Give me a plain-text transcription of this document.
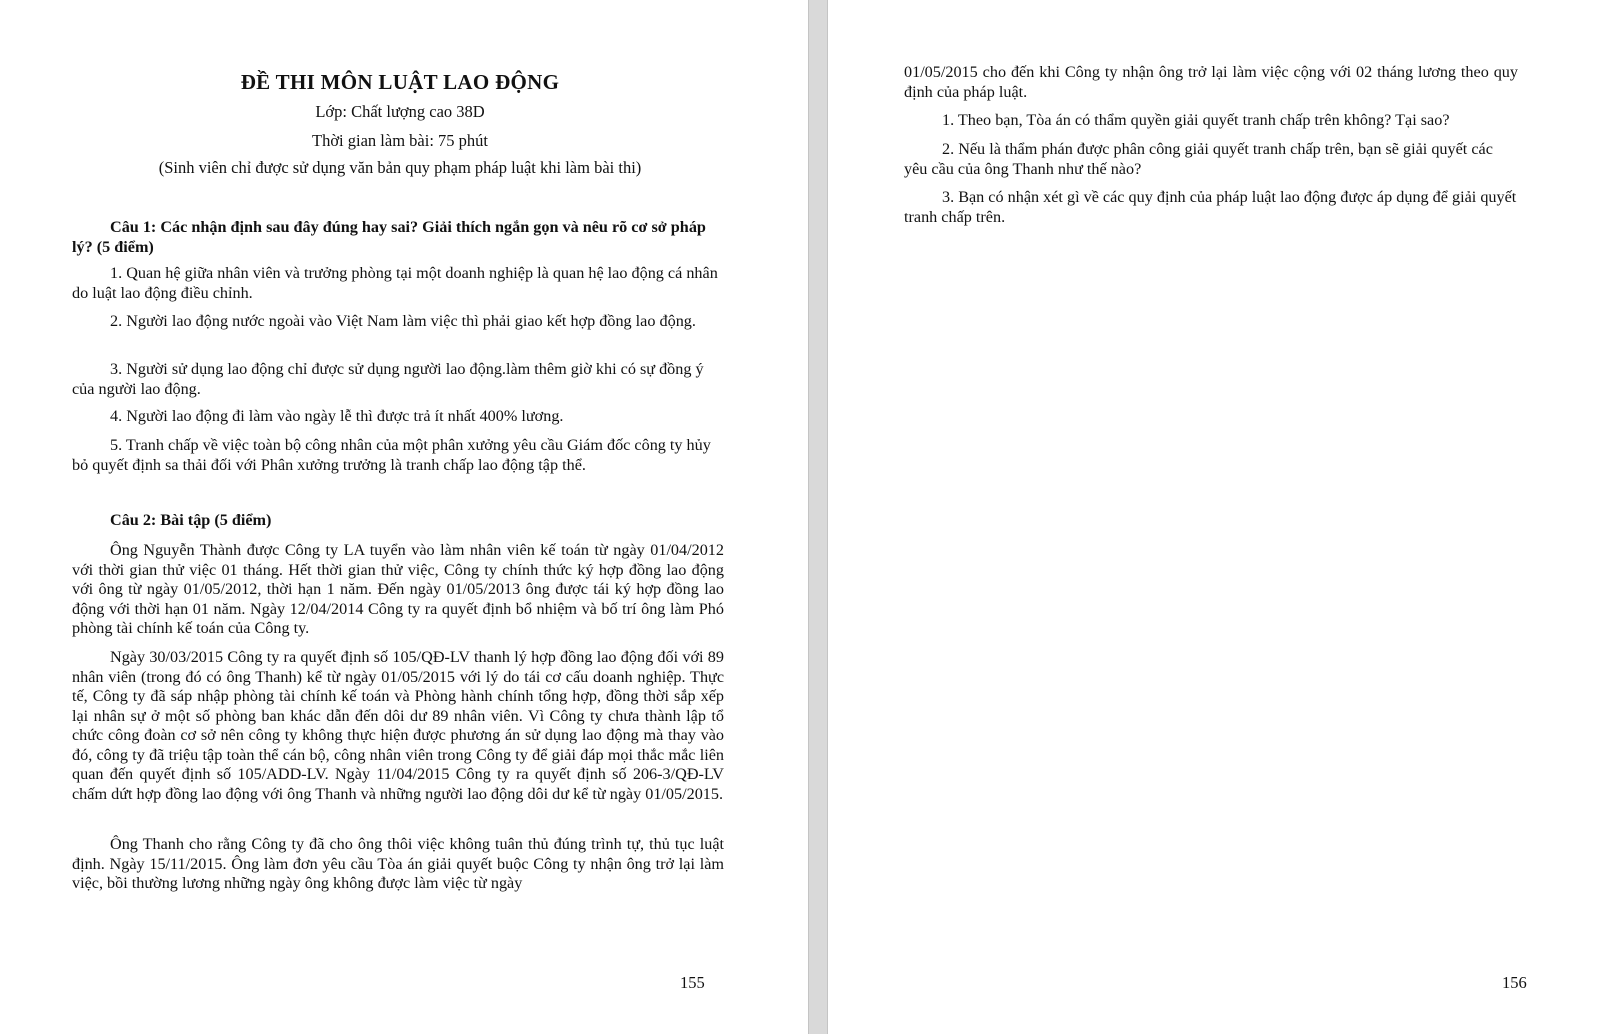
ĐỀ THI MÔN LUẬT LAO ĐỘNG
Lớp: Chất lượng cao 38D
Thời gian làm bài: 75 phút
(Sinh viên chỉ được sử dụng văn bản quy phạm pháp luật khi làm bài thi)
Câu 1: Các nhận định sau đây đúng hay sai? Giải thích ngắn gọn và nêu rõ cơ sở pháp lý? (5 điểm)
1. Quan hệ giữa nhân viên và trưởng phòng tại một doanh nghiệp là quan hệ lao động cá nhân do luật lao động điều chỉnh.
2. Người lao động nước ngoài vào Việt Nam làm việc thì phải giao kết hợp đồng lao động.
3. Người sử dụng lao động chỉ được sử dụng người lao động.làm thêm giờ khi có sự đồng ý của người lao động.
4. Người lao động đi làm vào ngày lễ thì được trả ít nhất 400% lương.
5. Tranh chấp về việc toàn bộ công nhân của một phân xưởng yêu cầu Giám đốc công ty hủy bỏ quyết định sa thải đối với Phân xưởng trưởng là tranh chấp lao động tập thể.
Câu 2: Bài tập (5 điểm)
Ông Nguyễn Thành được Công ty LA tuyển vào làm nhân viên kế toán từ ngày 01/04/2012 với thời gian thử việc 01 tháng. Hết thời gian thử việc, Công ty chính thức ký hợp đồng lao động với ông từ ngày 01/05/2012, thời hạn 1 năm. Đến ngày 01/05/2013 ông được tái ký hợp đồng lao động với thời hạn 01 năm. Ngày 12/04/2014 Công ty ra quyết định bổ nhiệm và bố trí ông làm Phó phòng tài chính kế toán của Công ty.
Ngày 30/03/2015 Công ty ra quyết định số 105/QĐ-LV thanh lý hợp đồng lao động đối với 89 nhân viên (trong đó có ông Thanh) kể từ ngày 01/05/2015 với lý do tái cơ cấu doanh nghiệp. Thực tế, Công ty đã sáp nhập phòng tài chính kế toán và Phòng hành chính tổng hợp, đồng thời sắp xếp lại nhân sự ở một số phòng ban khác dẫn đến dôi dư 89 nhân viên. Vì Công ty chưa thành lập tổ chức công đoàn cơ sở nên công ty không thực hiện được phương án sử dụng lao động mà thay vào đó, công ty đã triệu tập toàn thể cán bộ, công nhân viên trong Công ty để giải đáp mọi thắc mắc liên quan đến quyết định số 105/ADD-LV. Ngày 11/04/2015 Công ty ra quyết định số 206-3/QĐ-LV chấm dứt hợp đồng lao động với ông Thanh và những người lao động dôi dư kể từ ngày 01/05/2015.
Ông Thanh cho rằng Công ty đã cho ông thôi việc không tuân thủ đúng trình tự, thủ tục luật định. Ngày 15/11/2015. Ông làm đơn yêu cầu Tòa án giải quyết buộc Công ty nhận ông trở lại làm việc, bồi thường lương những ngày ông không được làm việc từ ngày
155
01/05/2015 cho đến khi Công ty nhận ông trở lại làm việc cộng với 02 tháng lương theo quy định của pháp luật.
1. Theo bạn, Tòa án có thẩm quyền giải quyết tranh chấp trên không? Tại sao?
2. Nếu là thẩm phán được phân công giải quyết tranh chấp trên, bạn sẽ giải quyết các yêu cầu của ông Thanh như thế nào?
3. Bạn có nhận xét gì về các quy định của pháp luật lao động được áp dụng để giải quyết tranh chấp trên.
156
